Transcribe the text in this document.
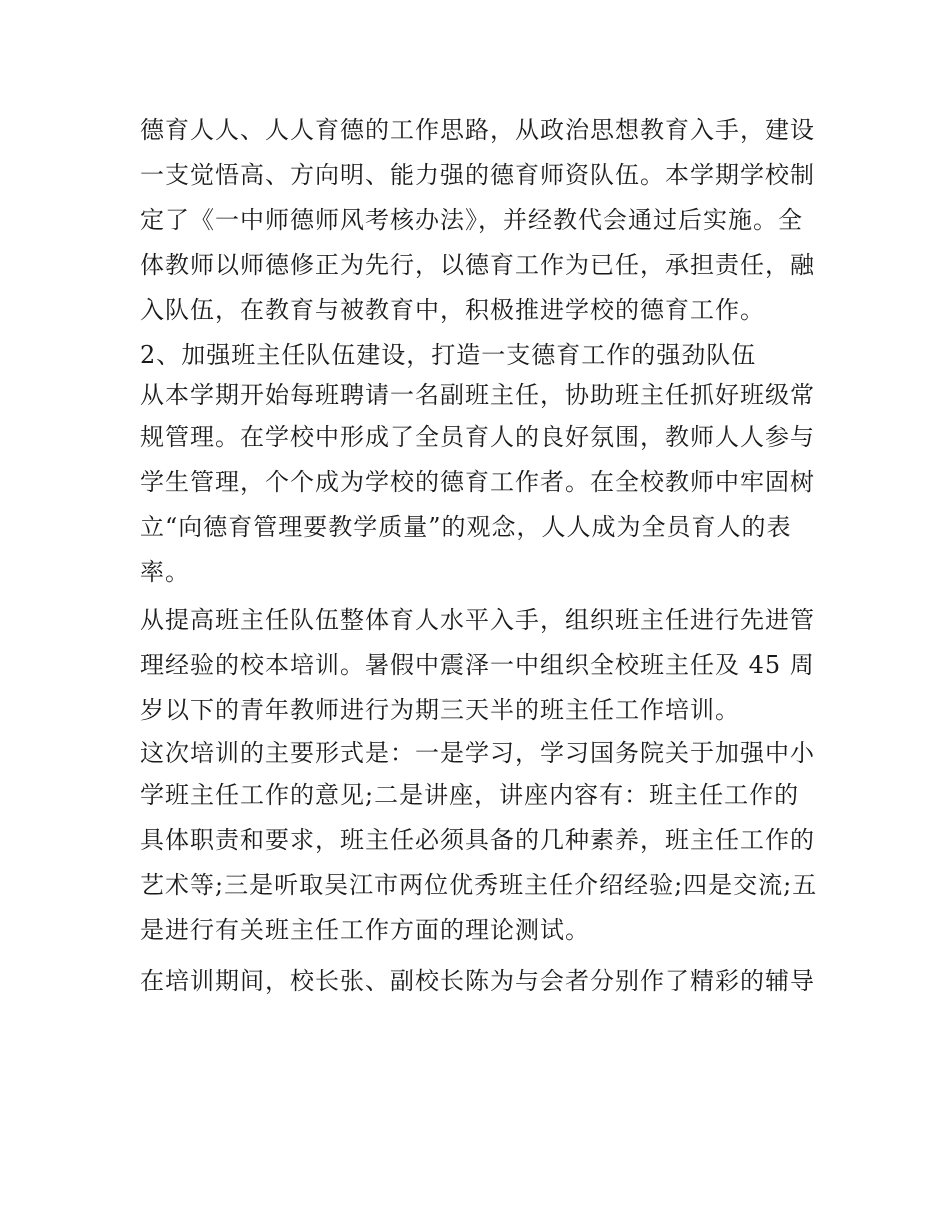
德育人人、人人育德的工作思路，从政治思想教育入手，建设
一支觉悟高、方向明、能力强的德育师资队伍。本学期学校制
定了《一中师德师风考核办法》，并经教代会通过后实施。全
体教师以师德修正为先行，以德育工作为已任，承担责任，融
入队伍，在教育与被教育中，积极推进学校的德育工作。
2、加强班主任队伍建设，打造一支德育工作的强劲队伍
从本学期开始每班聘请一名副班主任，协助班主任抓好班级常
规管理。在学校中形成了全员育人的良好氛围，教师人人参与
学生管理，个个成为学校的德育工作者。在全校教师中牢固树
立“向德育管理要教学质量”的观念，人人成为全员育人的表
率。
从提高班主任队伍整体育人水平入手，组织班主任进行先进管
理经验的校本培训。暑假中震泽一中组织全校班主任及 45 周
岁以下的青年教师进行为期三天半的班主任工作培训。
这次培训的主要形式是：一是学习，学习国务院关于加强中小
学班主任工作的意见;二是讲座，讲座内容有：班主任工作的
具体职责和要求，班主任必须具备的几种素养，班主任工作的
艺术等;三是听取吴江市两位优秀班主任介绍经验;四是交流;五
是进行有关班主任工作方面的理论测试。
在培训期间，校长张、副校长陈为与会者分别作了精彩的辅导
